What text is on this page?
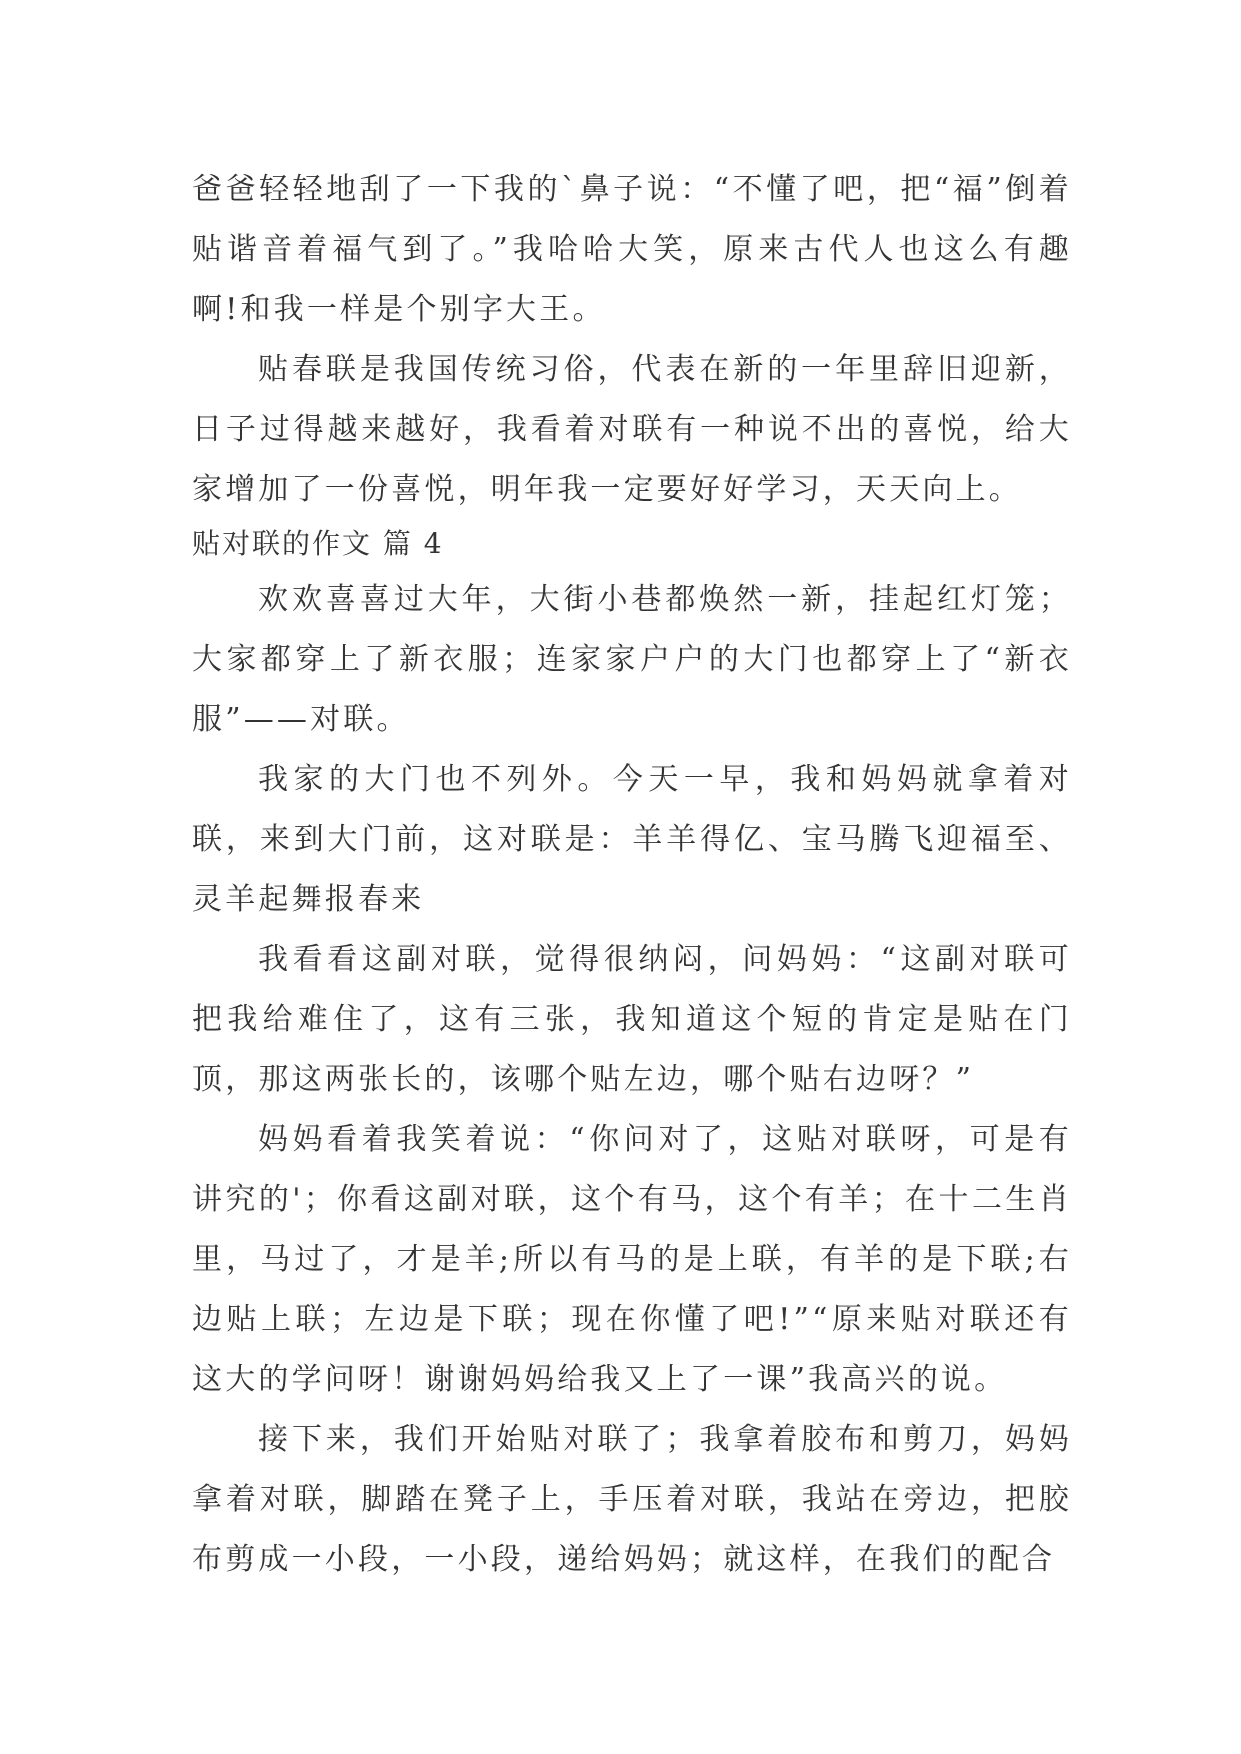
爸爸轻轻地刮了一下我的`鼻子说：“不懂了吧，把“福”倒着贴谐音着福气到了。”我哈哈大笑，原来古代人也这么有趣啊!和我一样是个别字大王。

贴春联是我国传统习俗，代表在新的一年里辞旧迎新，日子过得越来越好，我看着对联有一种说不出的喜悦，给大家增加了一份喜悦，明年我一定要好好学习，天天向上。

贴对联的作文 篇 4

欢欢喜喜过大年，大街小巷都焕然一新，挂起红灯笼；大家都穿上了新衣服；连家家户户的大门也都穿上了“新衣服”——对联。

我家的大门也不列外。今天一早，我和妈妈就拿着对联，来到大门前，这对联是：羊羊得亿、宝马腾飞迎福至、灵羊起舞报春来

我看看这副对联，觉得很纳闷，问妈妈：“这副对联可把我给难住了，这有三张，我知道这个短的肯定是贴在门顶，那这两张长的，该哪个贴左边，哪个贴右边呀？”

妈妈看着我笑着说：“你问对了，这贴对联呀，可是有讲究的'；你看这副对联，这个有马，这个有羊；在十二生肖里，马过了，才是羊;所以有马的是上联，有羊的是下联;右边贴上联；左边是下联；现在你懂了吧!”“原来贴对联还有这大的学问呀！谢谢妈妈给我又上了一课”我高兴的说。

接下来，我们开始贴对联了；我拿着胶布和剪刀，妈妈拿着对联，脚踏在凳子上，手压着对联，我站在旁边，把胶布剪成一小段，一小段，递给妈妈；就这样，在我们的配合
